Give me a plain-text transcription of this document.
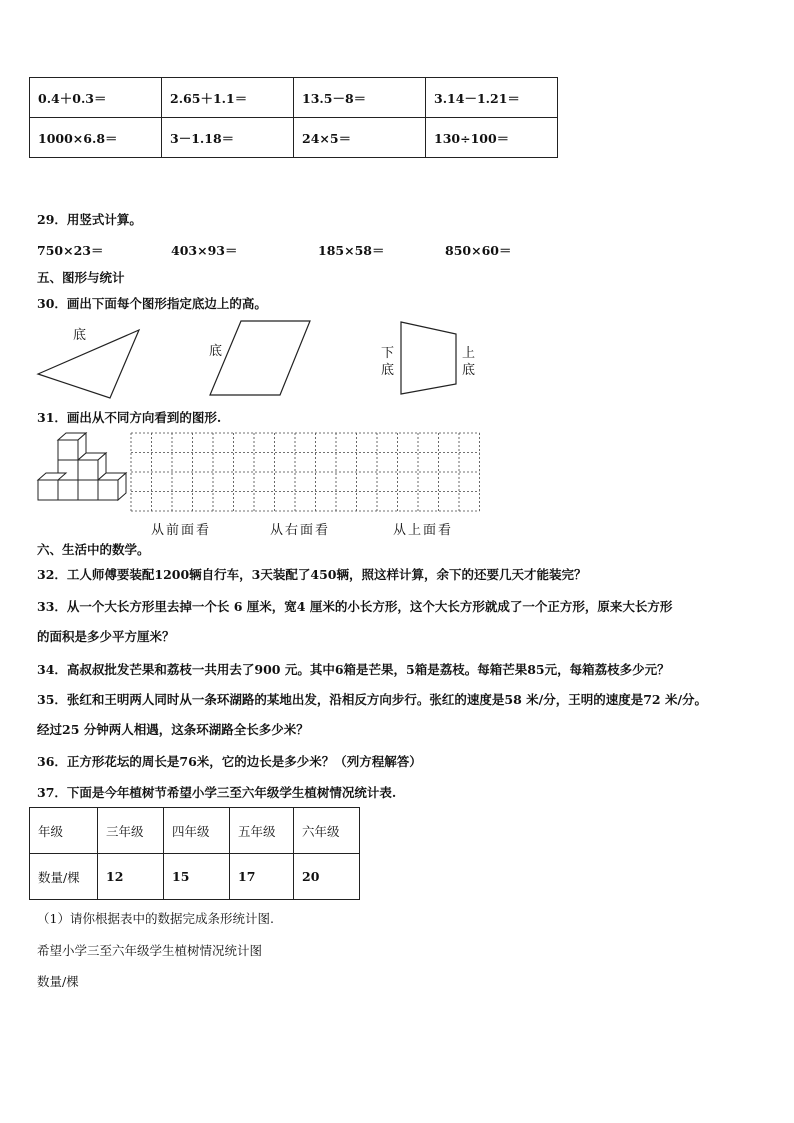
0.4＋0.3＝	2.65＋1.1＝	13.5－8＝	3.14－1.21＝
1000×6.8＝	3－1.18＝	24×5＝	130÷100＝
29．用竖式计算。
750×23＝	403×93＝	185×58＝	850×60＝
五、图形与统计
30．画出下面每个图形指定底边上的高。
底
底	下
底
上
底
31．画出从不同方向看到的图形.
从前面看	从右面看	从上面看
六、生活中的数学。
32．工人师傅要装配1200辆自行车，3天装配了450辆，照这样计算，余下的还要几天才能装完？
33．从一个大长方形里去掉一个长 6 厘米，宽4 厘米的小长方形，这个大长方形就成了一个正方形，原来大长方形
的面积是多少平方厘米？
34．高叔叔批发芒果和荔枝一共用去了900 元。其中6箱是芒果，5箱是荔枝。每箱芒果85元，每箱荔枝多少元？
35．张红和王明两人同时从一条环湖路的某地出发，沿相反方向步行。张红的速度是58 米/分，王明的速度是72 米/分。
经过25 分钟两人相遇，这条环湖路全长多少米？
36．正方形花坛的周长是76米，它的边长是多少米？（列方程解答）
37．下面是今年植树节希望小学三至六年级学生植树情况统计表.
年级	三年级	四年级	五年级	六年级
数量/棵	12	15	17	20
（1）请你根据表中的数据完成条形统计图.
希望小学三至六年级学生植树情况统计图
数量/棵
